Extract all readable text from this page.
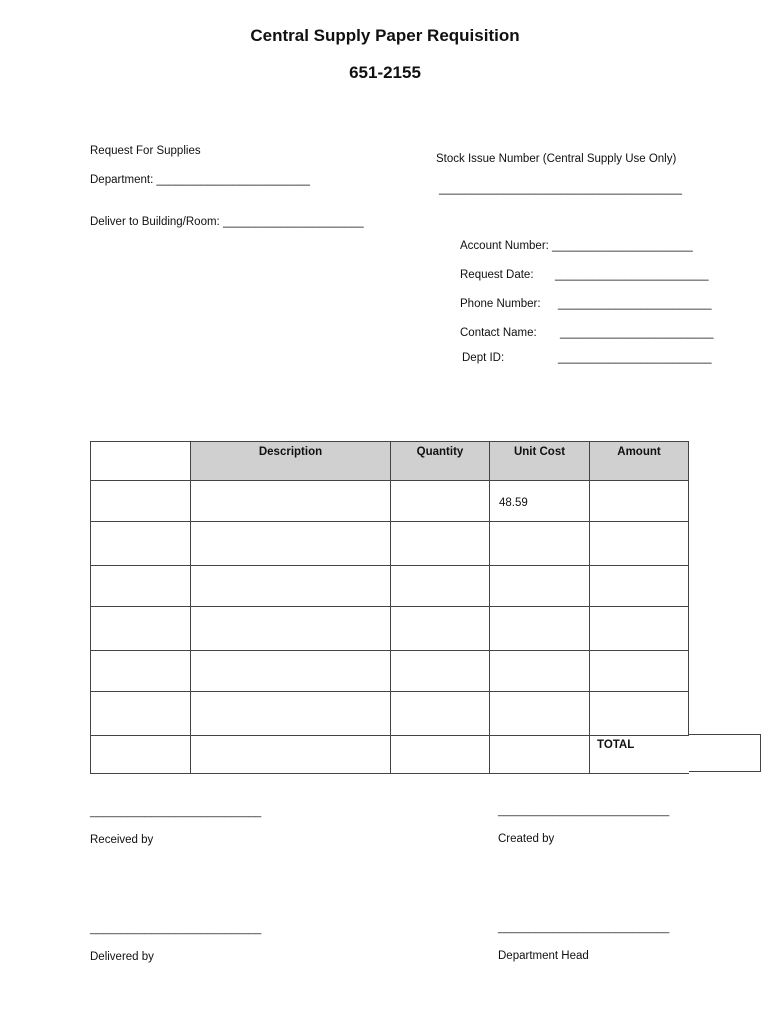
Central Supply Paper Requisition
651-2155
Request For Supplies
Department: ________________________
Deliver to Building/Room: ______________________
Stock Issue Number (Central Supply Use Only)
______________________________________
Account Number: ______________________
Request Date: ________________________
Phone Number: ________________________
Contact Name: ________________________
Dept ID:	________________________
	Description	Quantity	Unit Cost	Amount
			48.59	

				TOTAL
____________________________
Received by
____________________________
Created by
____________________________
Delivered by
____________________________
Department Head
